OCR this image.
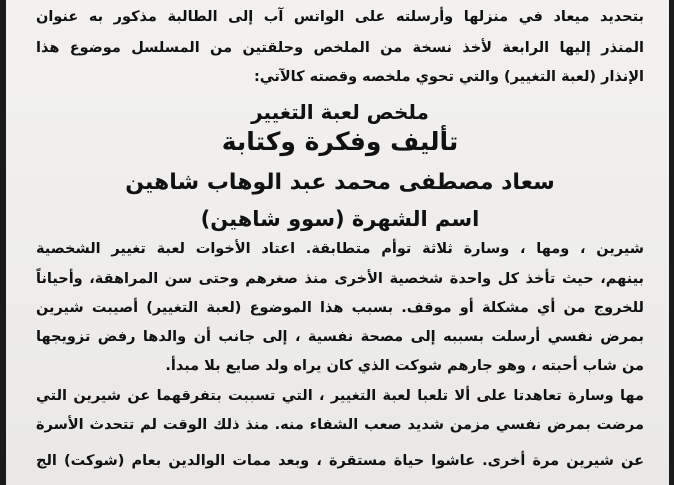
بتحديد ميعاد في منزلها وأرسلته على الواتس آب إلى الطالبة مذكور به عنوان
المنذر إليها الرابعة لأخذ نسخة من الملخص وحلقتين من المسلسل موضوع هذا
الإنذار (لعبة التغيير) والتي تحوي ملخصه وقصته كالآتي:
ملخص لعبة التغيير
تأليف وفكرة وكتابة
سعاد مصطفى محمد عبد الوهاب شاهين
اسم الشهرة (سوو شاهين)
شيرين ، ومها ، وسارة ثلاثة توأم متطابقة. اعتاد الأخوات لعبة تغيير الشخصية
بينهم، حيث تأخذ كل واحدة شخصية الأخرى منذ صغرهم وحتى سن المراهقة، وأحياناً
للخروج من أي مشكلة أو موقف. بسبب هذا الموضوع (لعبة التغيير) أصيبت شيرين
بمرض نفسي أرسلت بسببه إلى مصحة نفسية ، إلى جانب أن والدها رفض تزويجها
من شاب أحبته ، وهو جارهم شوكت الذي كان يراه ولد صايع بلا مبدأ.
مها وسارة تعاهدتا على ألا تلعبا لعبة التغيير ، التي تسببت بتفرقهما عن شيرين التي
مرضت بمرض نفسي مزمن شديد صعب الشفاء منه. منذ ذلك الوقت لم تتحدث الأسرة
عن شيرين مرة أخرى. عاشوا حياة مستقرة ، وبعد ممات الوالدين بعام (شوكت) الج
